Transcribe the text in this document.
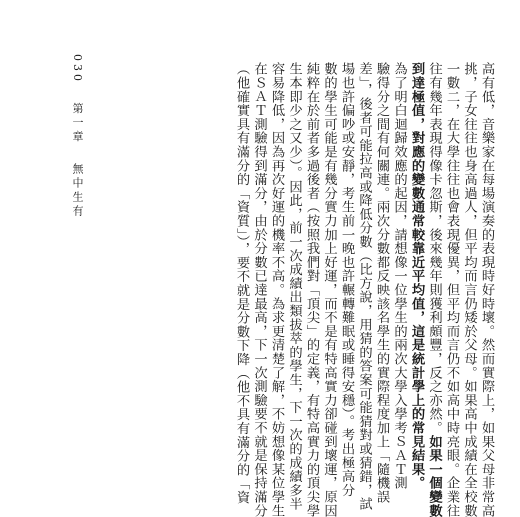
030 第一章 無中生有	高有低，音樂家在每場演奏的表現時好時壞。然而實際上，如果父母非常高
挑，子女往往也身高過人，但平均而言仍矮於父母。如果高中成績在全校數
一數二，在大學往往也會表現優異，但平均而言仍不如高中時亮眼。企業往
往有幾年表現得像卡忽斯，後來幾年則獲利頗豐，反之亦然。如果一個變數
到達極值，對應的變數通常較靠近平均值，這是統計學上的常見結果。
為了明白迴歸效應的起因，請想像一位學生的兩次大學入學考ＳＡＴ測
驗得分之間有何關連。兩次分數都反映該名學生的實際程度加上「隨機誤
差」，後者可能拉高或降低分數（比方說，用猜的答案可能猜對或猜錯，試
場也許偏吵或安靜，考生前一晚也許輾轉難眠或睡得安穩）。考出極高分
數的學生可能是有幾分實力加上好運，而不是有特高實力卻碰到壞運，原因
純粹在於前者多過後者（按照我們對「頂尖」的定義，有特高實力的頂尖學
生本即少之又少）。因此，前一次成績出類拔萃的學生，下一次的成績多半
容易降低，因為再次好運的機率不高。為求更清楚了解，不妨想像某位學生
在ＳＡＴ測驗得到滿分，由於分數已達最高，下一次測驗要不就是保持滿分
（他確實具有滿分的「資質」），要不就是分數下降（他不具有滿分的「資
